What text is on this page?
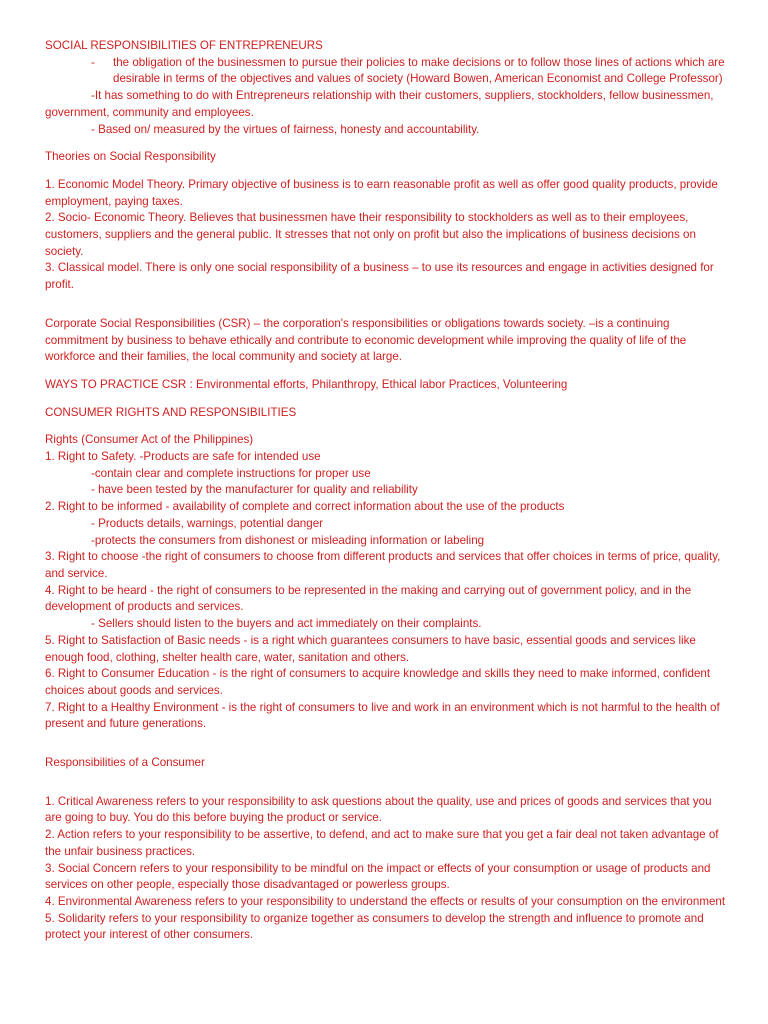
SOCIAL RESPONSIBILITIES OF ENTREPRENEURS

-	the obligation of the businessmen to pursue their policies to make decisions or to follow those lines of actions which are desirable in terms of the objectives and values of society (Howard Bowen, American Economist and College Professor)

-It has something to do with Entrepreneurs relationship with their customers, suppliers, stockholders, fellow businessmen, government, community and employees.

- Based on/ measured by the virtues of fairness, honesty and accountability.

Theories on Social Responsibility

1. Economic Model Theory. Primary objective of business is to earn reasonable profit as well as offer good quality products, provide employment, paying taxes.

2. Socio- Economic Theory. Believes that businessmen have their responsibility to stockholders as well as to their employees, customers, suppliers and the general public. It stresses that not only on profit but also the implications of business decisions on society.

3. Classical model. There is only one social responsibility of a business – to use its resources and engage in activities designed for profit.

Corporate Social Responsibilities (CSR) – the corporation's responsibilities or obligations towards society. –is a continuing commitment by business to behave ethically and contribute to economic development while improving the quality of life of the workforce and their families, the local community and society at large.

WAYS TO PRACTICE CSR : Environmental efforts, Philanthropy, Ethical labor Practices, Volunteering

CONSUMER RIGHTS AND RESPONSIBILITIES

Rights (Consumer Act of the Philippines)

1. Right to Safety. -Products are safe for intended use

-contain clear and complete instructions for proper use

- have been tested by the manufacturer for quality and reliability

2. Right to be informed - availability of complete and correct information about the use of the products

- Products details, warnings, potential danger

-protects the consumers from dishonest or misleading information or labeling

3. Right to choose -the right of consumers to choose from different products and services that offer choices in terms of price, quality, and service.

4. Right to be heard - the right of consumers to be represented in the making and carrying out of government policy, and in the development of products and services.

- Sellers should listen to the buyers and act immediately on their complaints.

5. Right to Satisfaction of Basic needs - is a right which guarantees consumers to have basic, essential goods and services like enough food, clothing, shelter health care, water, sanitation and others.

6. Right to Consumer Education - is the right of consumers to acquire knowledge and skills they need to make informed, confident choices about goods and services.

7. Right to a Healthy Environment - is the right of consumers to live and work in an environment which is not harmful to the health of present and future generations.

Responsibilities of a Consumer

1. Critical Awareness refers to your responsibility to ask questions about the quality, use and prices of goods and services that you are going to buy. You do this before buying the product or service.

2. Action refers to your responsibility to be assertive, to defend, and act to make sure that you get a fair deal not taken advantage of the unfair business practices.

3. Social Concern refers to your responsibility to be mindful on the impact or effects of your consumption or usage of products and services on other people, especially those disadvantaged or powerless groups.

4. Environmental Awareness refers to your responsibility to understand the effects or results of your consumption on the environment

5. Solidarity refers to your responsibility to organize together as consumers to develop the strength and influence to promote and protect your interest of other consumers.
